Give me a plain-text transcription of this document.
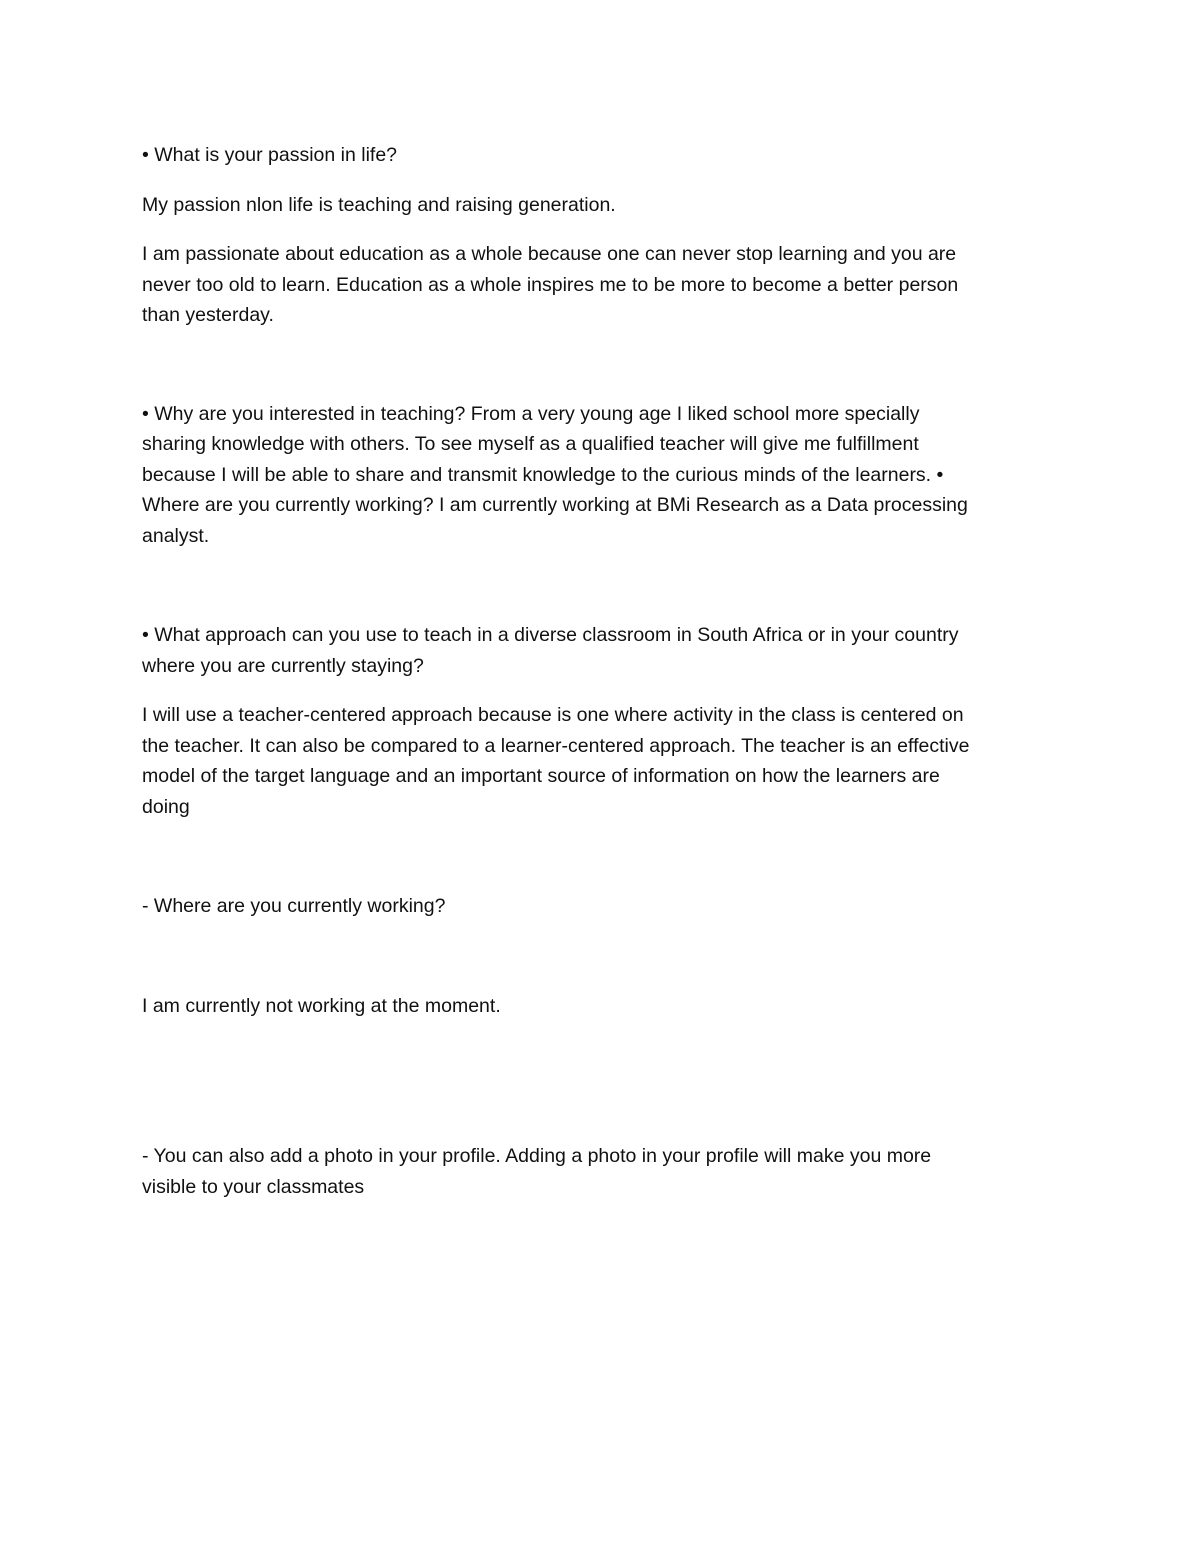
• What is your passion in life?

My passion nlon life is teaching and raising generation.

I am passionate about education as a whole because one can never stop learning and you are

never too old to learn. Education as a whole inspires me to be more to become a better person

than yesterday.

• Why are you interested in teaching? From a very young age I liked school more specially

sharing knowledge with others. To see myself as a qualified teacher will give me fulfillment

because I will be able to share and transmit knowledge to the curious minds of the learners. •

Where are you currently working? I am currently working at BMi Research as a Data processing

analyst.

• What approach can you use to teach in a diverse classroom in South Africa or in your country

where you are currently staying?

I will use a teacher-centered approach because is one where activity in the class is centered on

the teacher. It can also be compared to a learner-centered approach. The teacher is an effective

model of the target language and an important source of information on how the learners are

doing

- Where are you currently working?

I am currently not working at the moment.

- You can also add a photo in your profile. Adding a photo in your profile will make you more

visible to your classmates
